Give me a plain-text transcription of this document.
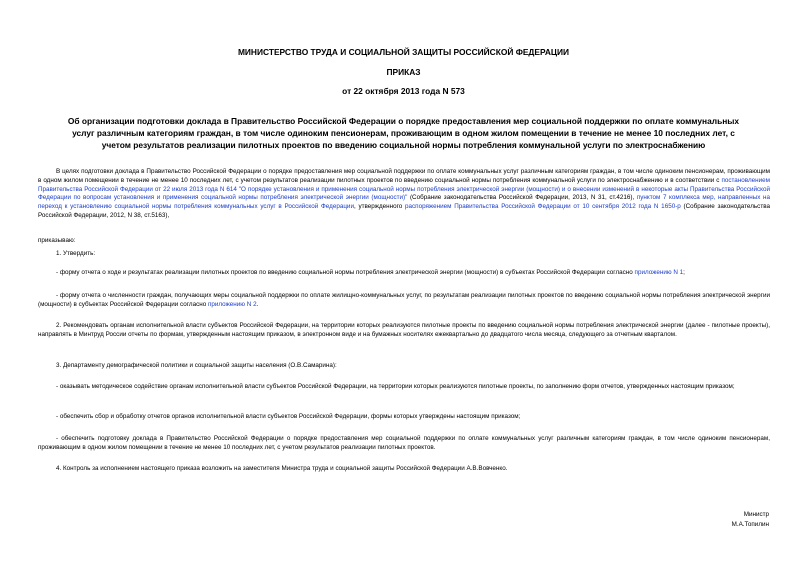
МИНИСТЕРСТВО ТРУДА И СОЦИАЛЬНОЙ ЗАЩИТЫ РОССИЙСКОЙ ФЕДЕРАЦИИ
ПРИКАЗ
от 22 октября 2013 года N 573
Об организации подготовки доклада в Правительство Российской Федерации о порядке предоставления мер социальной поддержки по оплате коммунальных услуг различным категориям граждан, в том числе одиноким пенсионерам, проживающим в одном жилом помещении в течение не менее 10 последних лет, с учетом результатов реализации пилотных проектов по введению социальной нормы потребления коммунальной услуги по электроснабжению
В целях подготовки доклада в Правительство Российской Федерации о порядке предоставления мер социальной поддержки по оплате коммунальных услуг различным категориям граждан, в том числе одиноким пенсионерам, проживающим в одном жилом помещении в течение не менее 10 последних лет, с учетом результатов реализации пилотных проектов по введению социальной нормы потребления коммунальной услуги по электроснабжению и в соответствии с постановлением Правительства Российской Федерации от 22 июля 2013 года N 614 "О порядке установления и применения социальной нормы потребления электрической энергии (мощности) и о внесении изменений в некоторые акты Правительства Российской Федерации по вопросам установления и применения социальной нормы потребления электрической энергии (мощности)" (Собрание законодательства Российской Федерации, 2013, N 31, ст.4216), пунктом 7 комплекса мер, направленных на переход к установлению социальной нормы потребления коммунальных услуг в Российской Федерации, утвержденного распоряжением Правительства Российской Федерации от 10 сентября 2012 года N 1650-р (Собрание законодательства Российской Федерации, 2012, N 38, ст.5163),
приказываю:
1. Утвердить:
- форму отчета о ходе и результатах реализации пилотных проектов по введению социальной нормы потребления электрической энергии (мощности) в субъектах Российской Федерации согласно приложению N 1;
- форму отчета о численности граждан, получающих меры социальной поддержки по оплате жилищно-коммунальных услуг, по результатам реализации пилотных проектов по введению социальной нормы потребления электрической энергии (мощности) в субъектах Российской Федерации согласно приложению N 2.
2. Рекомендовать органам исполнительной власти субъектов Российской Федерации, на территории которых реализуются пилотные проекты по введению социальной нормы потребления электрической энергии (далее - пилотные проекты), направлять в Минтруд России отчеты по формам, утвержденным настоящим приказом, в электронном виде и на бумажных носителях ежеквартально до двадцатого числа месяца, следующего за отчетным кварталом.
3. Департаменту демографической политики и социальной защиты населения (О.В.Самарина):
- оказывать методическое содействие органам исполнительной власти субъектов Российской Федерации, на территории которых реализуются пилотные проекты, по заполнению форм отчетов, утвержденных настоящим приказом;
- обеспечить сбор и обработку отчетов органов исполнительной власти субъектов Российской Федерации, формы которых утверждены настоящим приказом;
- обеспечить подготовку доклада в Правительство Российской Федерации о порядке предоставления мер социальной поддержки по оплате коммунальных услуг различным категориям граждан, в том числе одиноким пенсионерам, проживающим в одном жилом помещении в течение не менее 10 последних лет, с учетом результатов реализации пилотных проектов.
4. Контроль за исполнением настоящего приказа возложить на заместителя Министра труда и социальной защиты Российской Федерации А.В.Вовченко.
Министр
М.А.Топилин
